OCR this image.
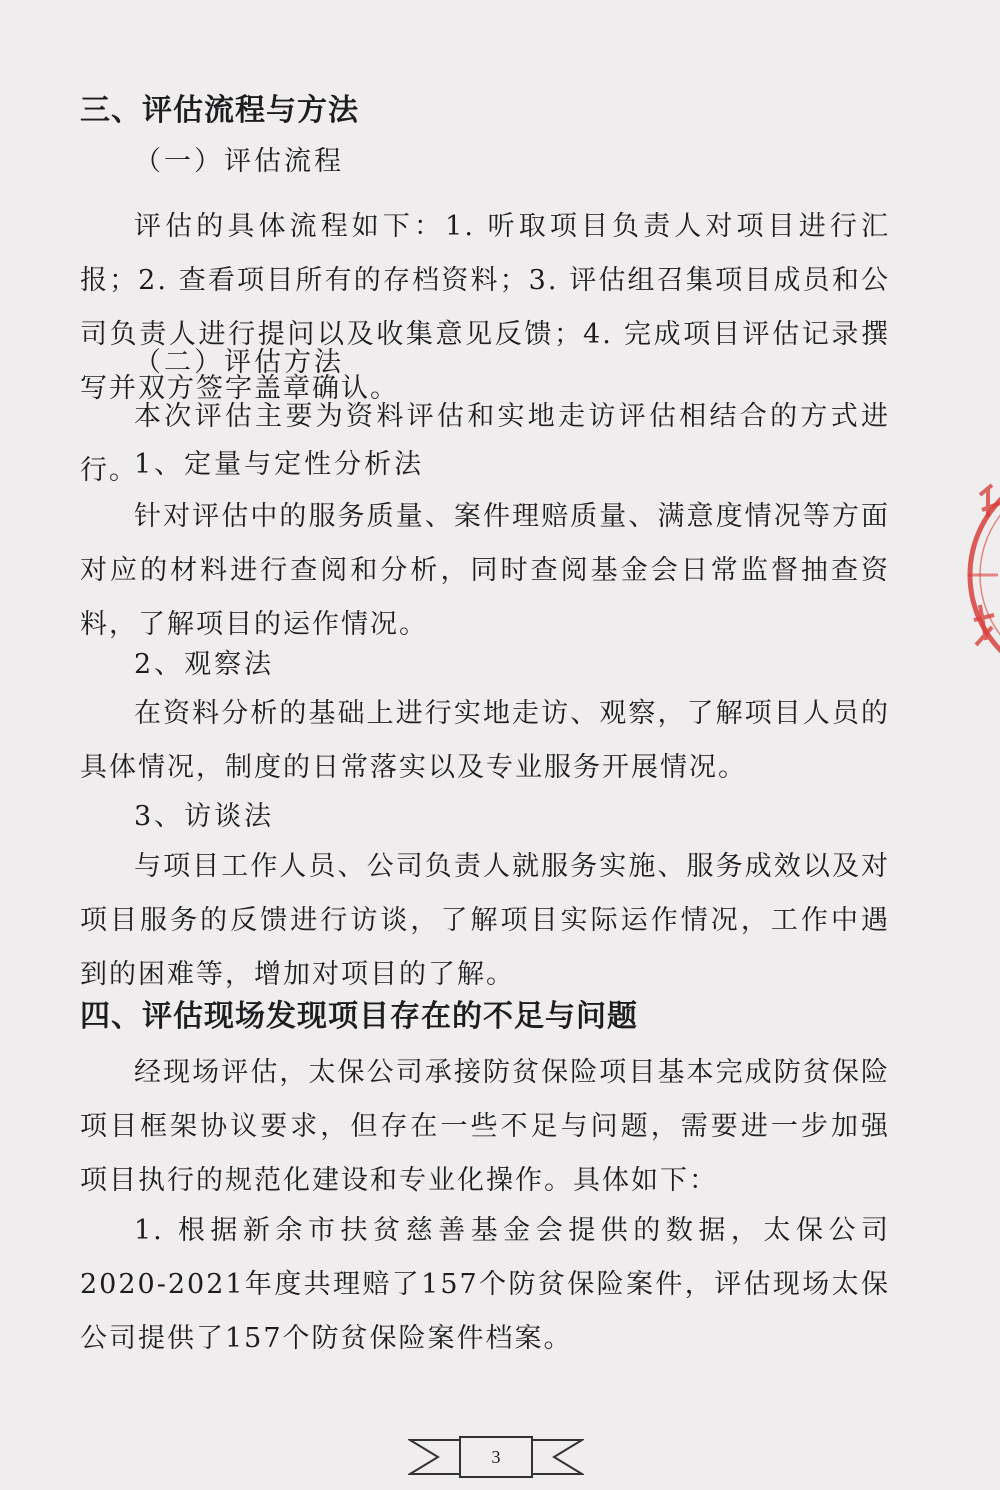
三、评估流程与方法
（一）评估流程

评估的具体流程如下：1. 听取项目负责人对项目进行汇报；2. 查看项目所有的存档资料；3. 评估组召集项目成员和公司负责人进行提问以及收集意见反馈；4. 完成项目评估记录撰写并双方签字盖章确认。

（二）评估方法

本次评估主要为资料评估和实地走访评估相结合的方式进行。

1、定量与定性分析法

针对评估中的服务质量、案件理赔质量、满意度情况等方面对应的材料进行查阅和分析，同时查阅基金会日常监督抽查资料，了解项目的运作情况。

2、观察法

在资料分析的基础上进行实地走访、观察，了解项目人员的具体情况，制度的日常落实以及专业服务开展情况。

3、访谈法

与项目工作人员、公司负责人就服务实施、服务成效以及对项目服务的反馈进行访谈，了解项目实际运作情况，工作中遇到的困难等，增加对项目的了解。

四、评估现场发现项目存在的不足与问题

经现场评估，太保公司承接防贫保险项目基本完成防贫保险项目框架协议要求，但存在一些不足与问题，需要进一步加强项目执行的规范化建设和专业化操作。具体如下：

1. 根据新余市扶贫慈善基金会提供的数据，太保公司2020-2021年度共理赔了157个防贫保险案件，评估现场太保公司提供了157个防贫保险案件档案。

3
